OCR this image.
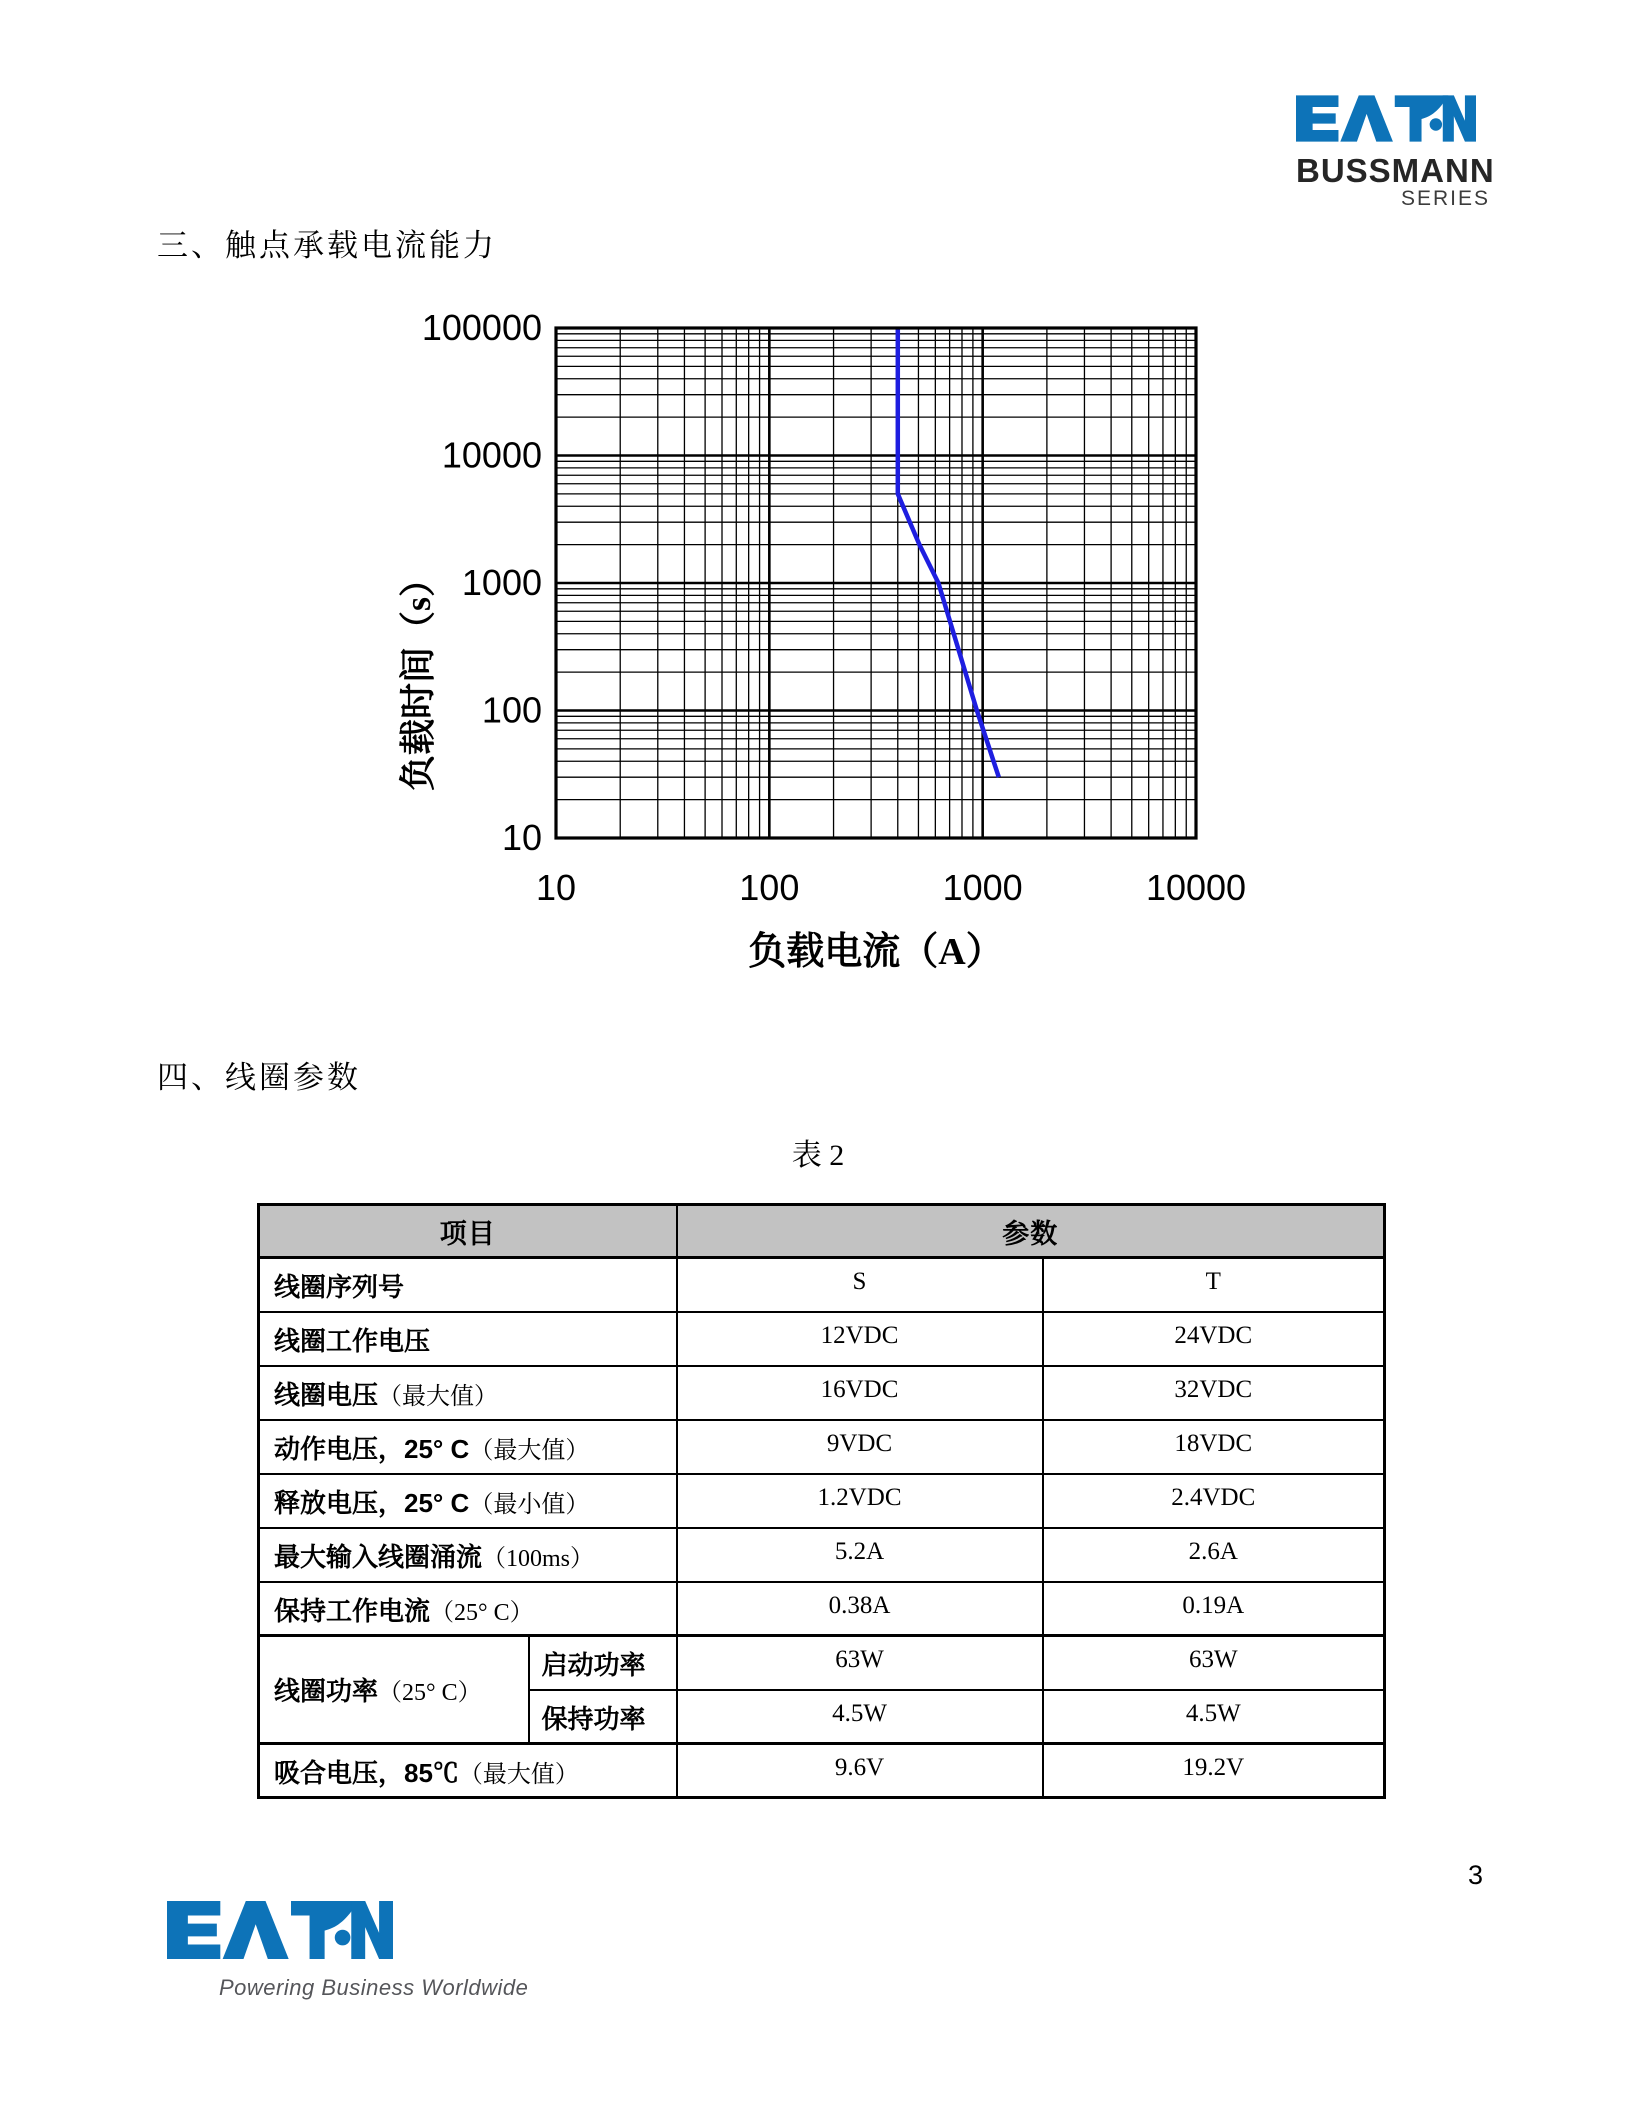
BUSSMANN
SERIES
三、触点承载电流能力
10
100
1000
10000
100000
10	100	1000	10000
负载电流（A）
负载时间（s）
四、线圈参数
表 2
项目		参数	
线圈序列号		S	T
线圈工作电压		12VDC	24VDC
线圈电压（最大值）		16VDC	32VDC
动作电压，25° C（最大值）		9VDC	18VDC
释放电压，25° C（最小值）		1.2VDC	2.4VDC
最大输入线圈涌流（100ms）		5.2A	2.6A
保持工作电流（25° C）		0.38A	0.19A
线圈功率（25° C）	启动功率	63W	63W
	保持功率	4.5W	4.5W
吸合电压，85℃（最大值）		9.6V	19.2V
Powering Business Worldwide
3
